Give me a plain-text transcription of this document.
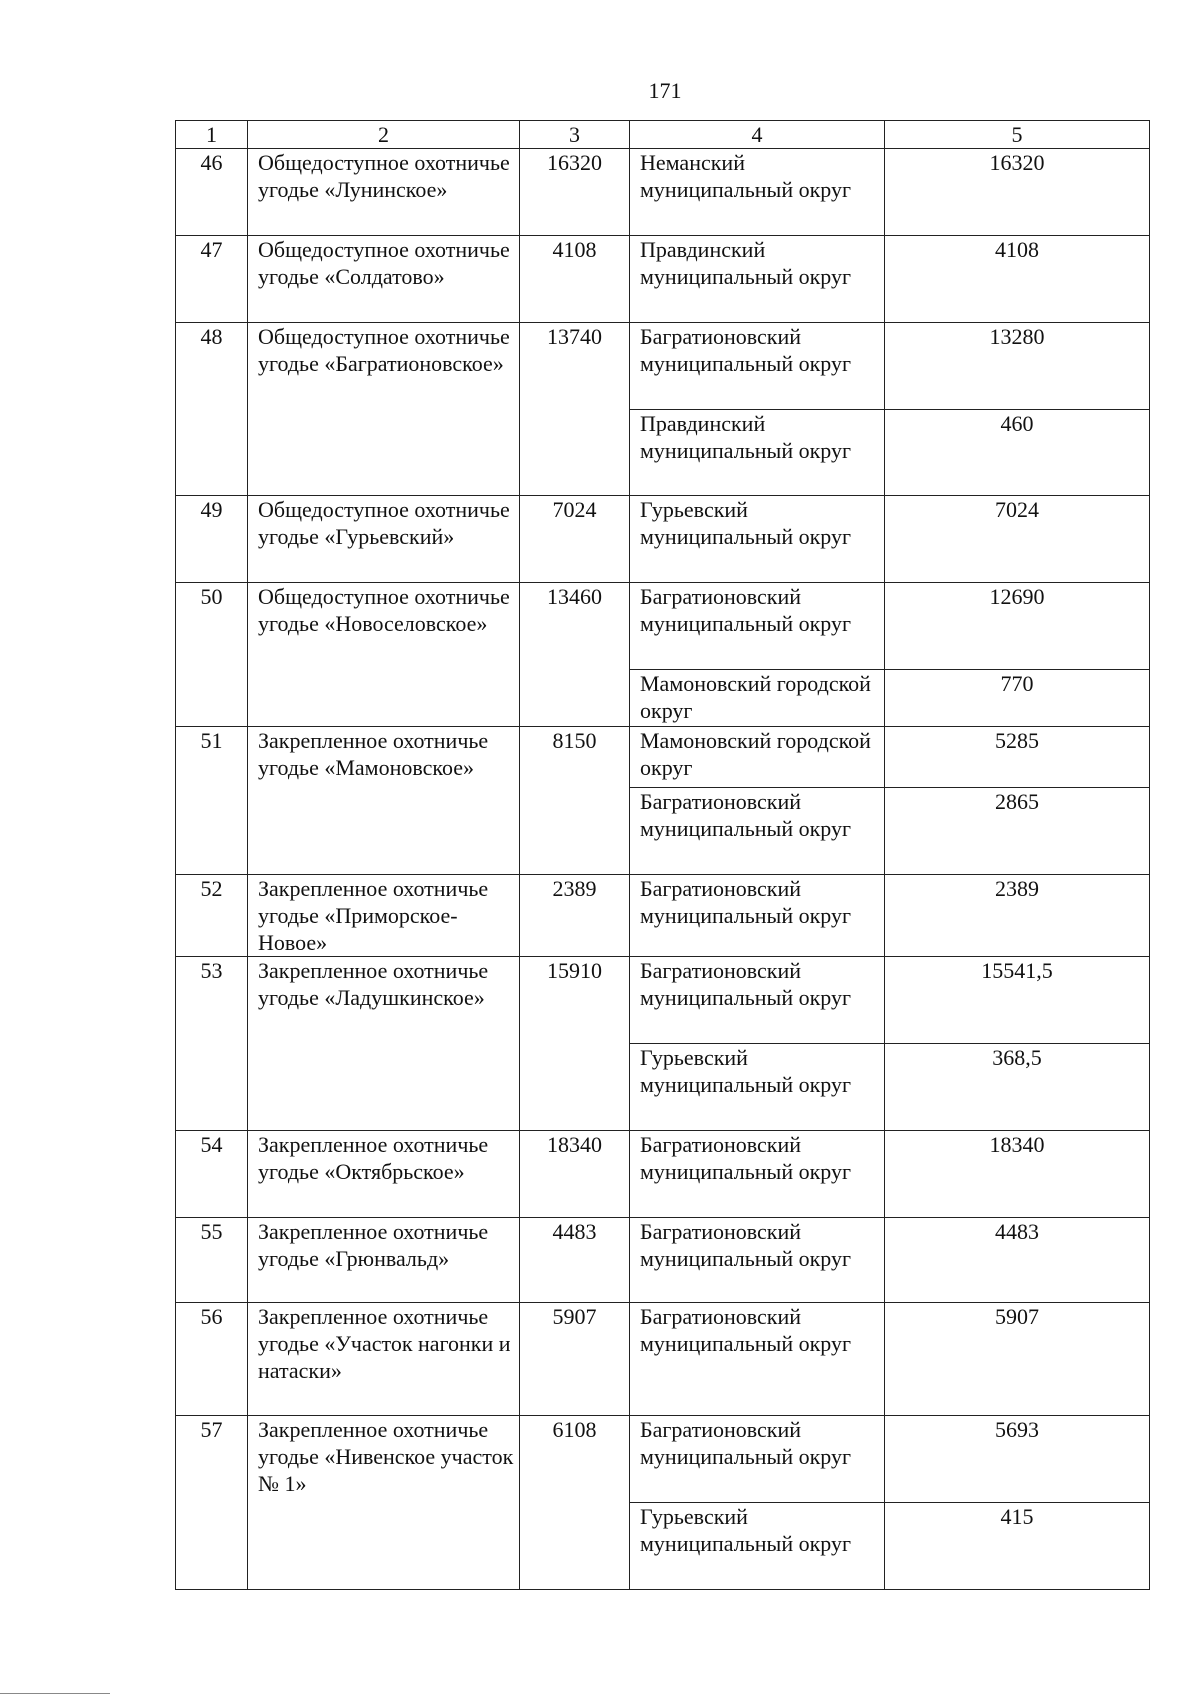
171
1	2	3	4	5
46	Общедоступное охотничье угодье «Лунинское»	16320	Неманский муниципальный округ	16320
47	Общедоступное охотничье угодье «Солдатово»	4108	Правдинский муниципальный округ	4108
48	Общедоступное охотничье угодье «Багратионовское»	13740	Багратионовский муниципальный округ	13280
			Правдинский муниципальный округ	460
49	Общедоступное охотничье угодье «Гурьевский»	7024	Гурьевский муниципальный округ	7024
50	Общедоступное охотничье угодье «Новоселовское»	13460	Багратионовский муниципальный округ	12690
			Мамоновский городской округ	770
51	Закрепленное охотничье угодье «Мамоновское»	8150	Мамоновский городской округ	5285
			Багратионовский муниципальный округ	2865
52	Закрепленное охотничье угодье «Приморское-Новое»	2389	Багратионовский муниципальный округ	2389
53	Закрепленное охотничье угодье «Ладушкинское»	15910	Багратионовский муниципальный округ	15541,5
			Гурьевский муниципальный округ	368,5
54	Закрепленное охотничье угодье «Октябрьское»	18340	Багратионовский муниципальный округ	18340
55	Закрепленное охотничье угодье «Грюнвальд»	4483	Багратионовский муниципальный округ	4483
56	Закрепленное охотничье угодье «Участок нагонки и натаски»	5907	Багратионовский муниципальный округ	5907
57	Закрепленное охотничье угодье «Нивенское участок № 1»	6108	Багратионовский муниципальный округ	5693
			Гурьевский муниципальный округ	415
